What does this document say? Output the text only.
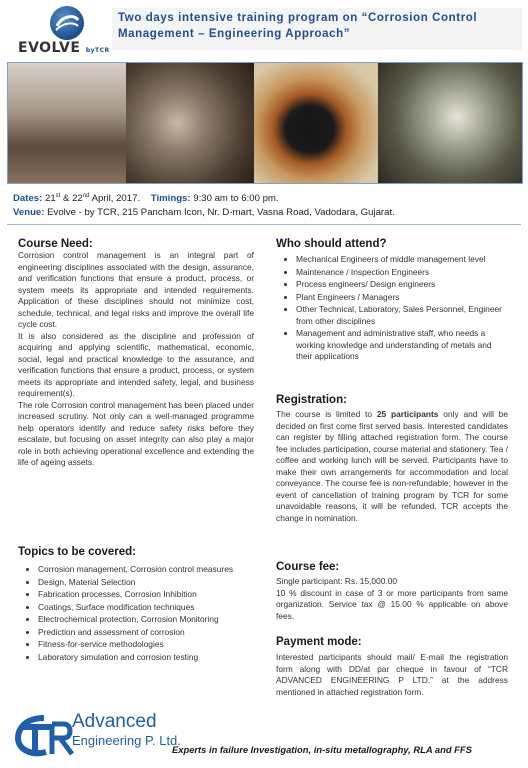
EVOLVE byTCR
Two days intensive training program on “Corrosion Control Management – Engineering Approach”
Dates: 21st & 22nd April, 2017. Timings: 9:30 am to 6:00 pm.
Venue: Evolve - by TCR, 215 Pancham Icon, Nr. D-mart, Vasna Road, Vadodara, Gujarat.
Course Need:
Corrosion control management is an integral part of engineering disciplines associated with the design, assurance, and verification functions that ensure a product, process, or system meets its appropriate and intended requirements. Application of these disciplines should not minimize cost, schedule, technical, and legal risks and improve the overall life cycle cost.
It is also considered as the discipline and profession of acquiring and applying scientific, mathematical, economic, social, legal and practical knowledge to the assurance, and verification functions that ensure a product, process, or system meets its appropriate and intended safety, legal, and business requirement(s).
The role Corrosion control management has been placed under increased scrutiny. Not only can a well-managed programme help operators identify and reduce safety risks before they escalate, but focusing on asset integrity can also play a major role in both achieving operational excellence and extending the life of ageing assets.
Topics to be covered:
• Corrosion management, Corrosion control measures
• Design, Material Selection
• Fabrication processes, Corrosion Inhibition
• Coatings, Surface modification techniques
• Electrochemical protection, Corrosion Monitoring
• Prediction and assessment of corrosion
• Fitness-for-service methodologies
• Laboratory simulation and corrosion testing
Who should attend?
• Mechanical Engineers of middle management level
• Maintenance / Inspection Engineers
• Process engineers/ Design engineers
• Plant Engineers / Managers
• Other Technical, Laboratory, Sales Personnel, Engineer from other disciplines
• Management and administrative staff, who needs a working knowledge and understanding of metals and their applications
Registration:
The course is limited to 25 participants only and will be decided on first come first served basis. Interested candidates can register by filling attached registration form. The course fee includes participation, course material and stationery. Tea / coffee and working lunch will be served. Participants have to make their own arrangements for accommodation and local conveyance. The course fee is non-refundable; however in the event of cancellation of training program by TCR for some unavoidable reasons, it will be refunded. TCR accepts the change in nomination.
Course fee:
Single participant: Rs. 15,000.00
10 % discount in case of 3 or more participants from same organization. Service tax @ 15.00 % applicable on above fees.
Payment mode:
Interested participants should mail/ E-mail the registration form along with DD/at par cheque in favour of “TCR ADVANCED ENGINEERING P LTD.” at the address mentioned in attached registration form.
Advanced
Engineering P. Ltd.
Experts in failure Investigation, in-situ metallography, RLA and FFS
